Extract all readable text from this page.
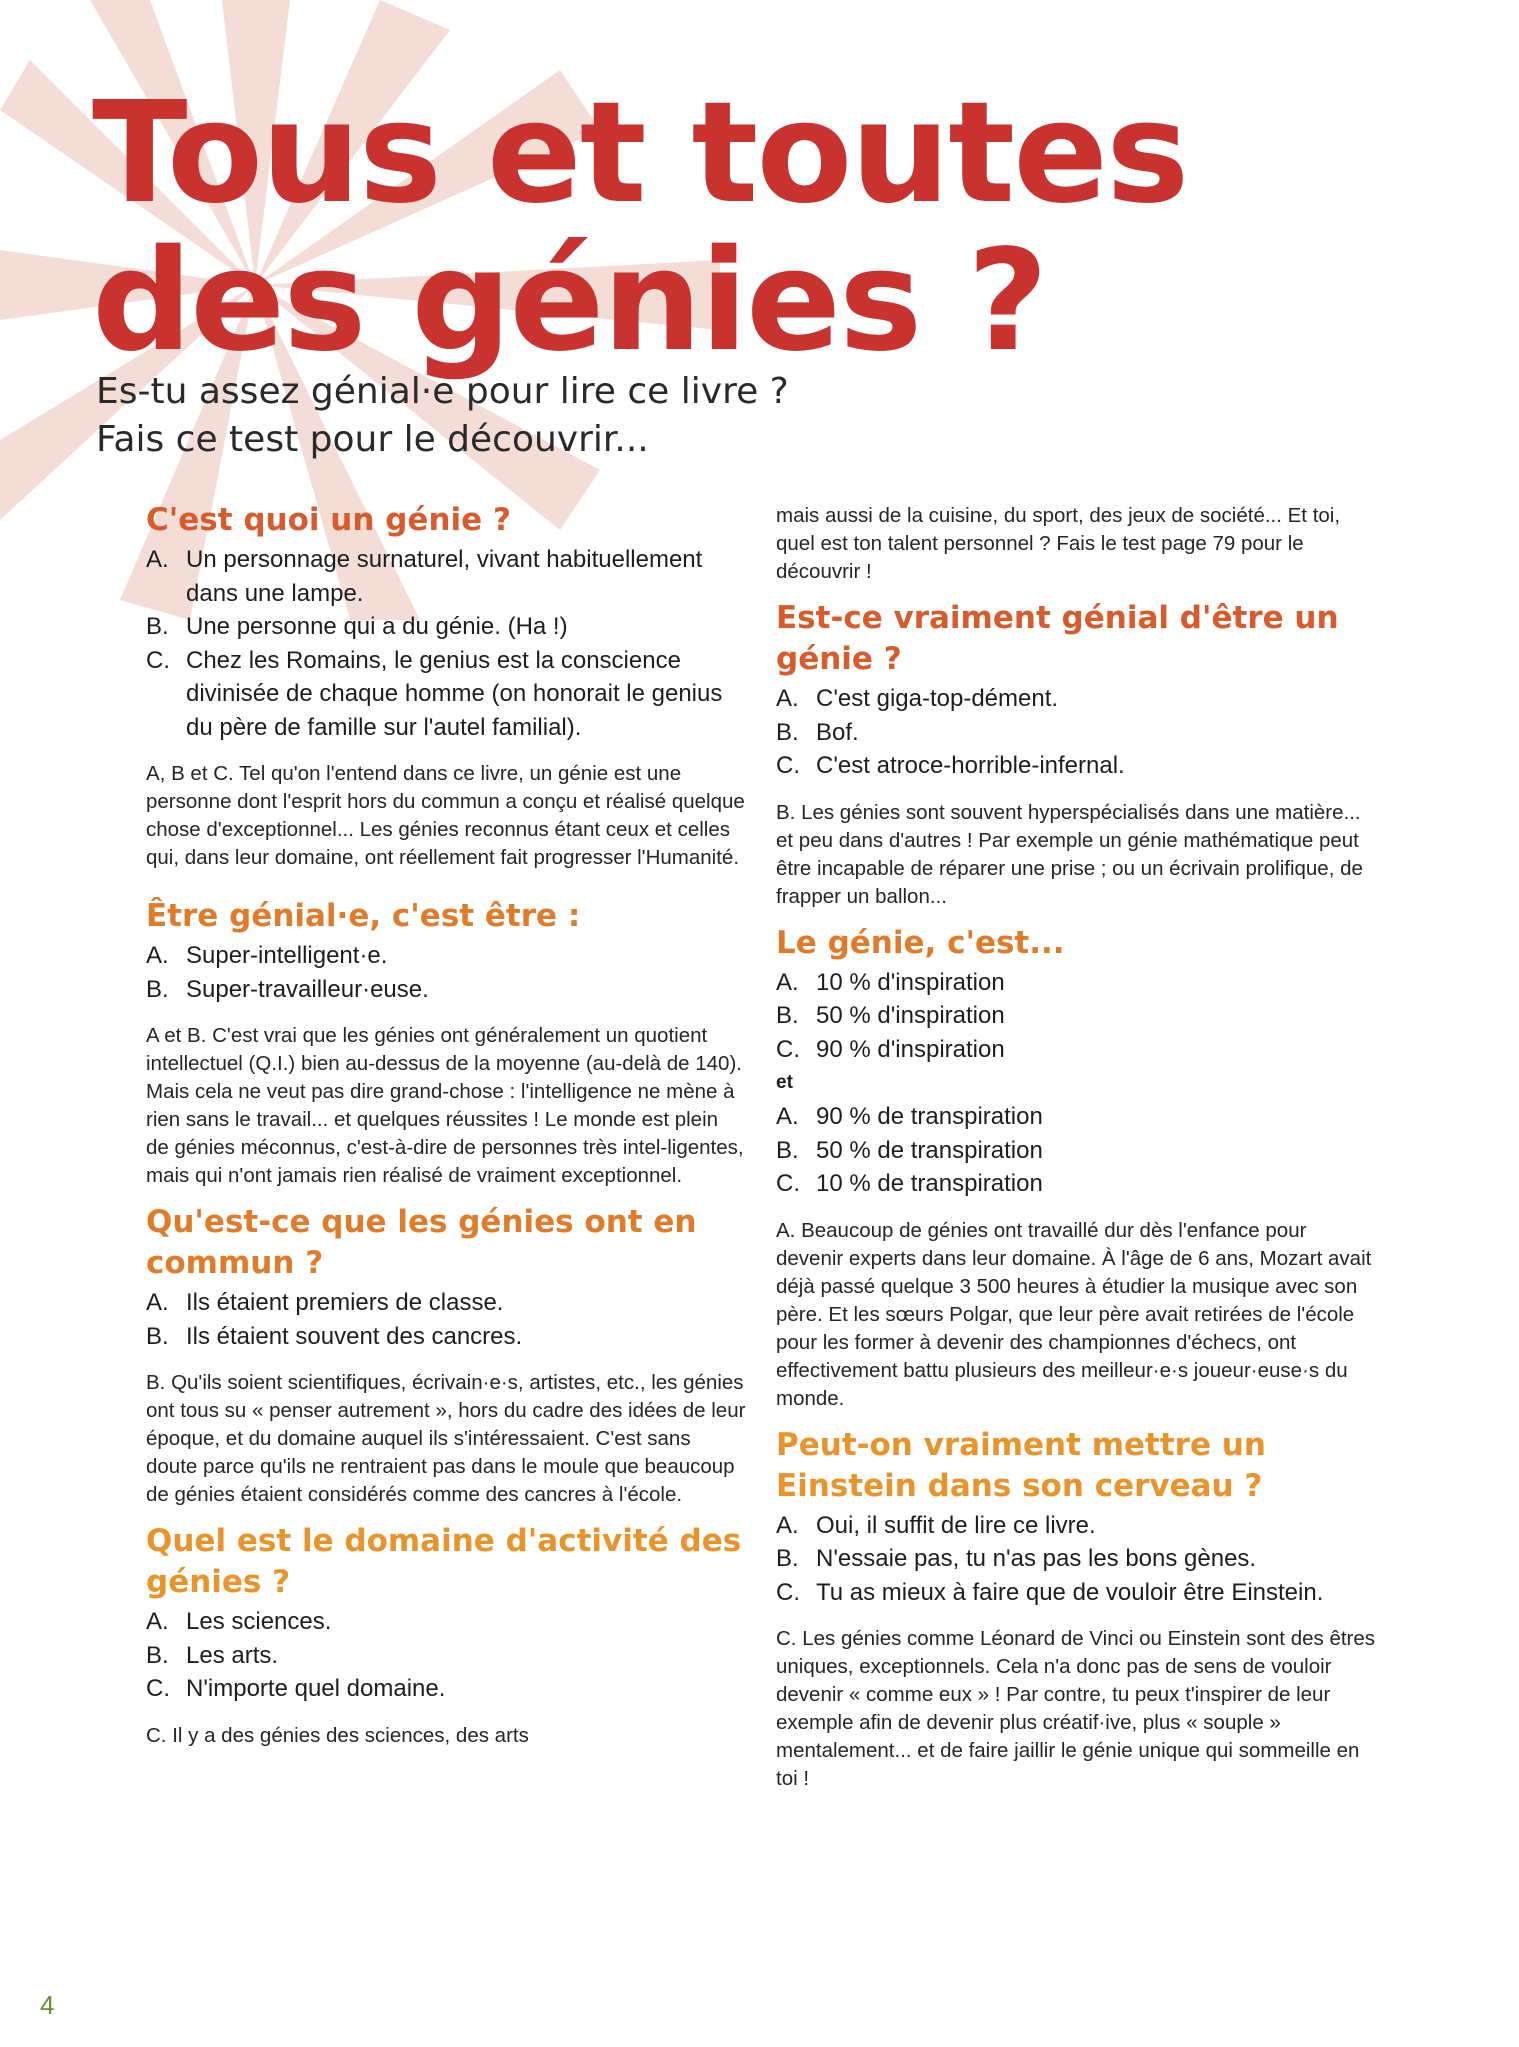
Tous et toutes
des génies ?
Es-tu assez génial·e pour lire ce livre ?
Fais ce test pour le découvrir...
C'est quoi un génie ?
A. Un personnage surnaturel, vivant habituellement dans une lampe.
B. Une personne qui a du génie. (Ha !)
C. Chez les Romains, le genius est la conscience divinisée de chaque homme (on honorait le genius du père de famille sur l'autel familial).

A, B et C. Tel qu'on l'entend dans ce livre, un génie est une personne dont l'esprit hors du commun a conçu et réalisé quelque chose d'exceptionnel... Les génies reconnus étant ceux et celles qui, dans leur domaine, ont réellement fait progresser l'Humanité.

Être génial·e, c'est être :
A. Super-intelligent·e.
B. Super-travailleur·euse.

A et B. C'est vrai que les génies ont généralement un quotient intellectuel (Q.I.) bien au-dessus de la moyenne (au-delà de 140). Mais cela ne veut pas dire grand-chose : l'intelligence ne mène à rien sans le travail... et quelques réussites ! Le monde est plein de génies méconnus, c'est-à-dire de personnes très intel-ligentes, mais qui n'ont jamais rien réalisé de vraiment exceptionnel.

Qu'est-ce que les génies ont en commun ?
A. Ils étaient premiers de classe.
B. Ils étaient souvent des cancres.

B. Qu'ils soient scientifiques, écrivain·e·s, artistes, etc., les génies ont tous su « penser autrement », hors du cadre des idées de leur époque, et du domaine auquel ils s'intéressaient. C'est sans doute parce qu'ils ne rentraient pas dans le moule que beaucoup de génies étaient considérés comme des cancres à l'école.

Quel est le domaine d'activité des génies ?
A. Les sciences.
B. Les arts.
C. N'importe quel domaine.

C. Il y a des génies des sciences, des arts

mais aussi de la cuisine, du sport, des jeux de société... Et toi, quel est ton talent personnel ? Fais le test page 79 pour le découvrir !

Est-ce vraiment génial d'être un génie ?
A. C'est giga-top-dément.
B. Bof.
C. C'est atroce-horrible-infernal.

B. Les génies sont souvent hyperspécialisés dans une matière... et peu dans d'autres ! Par exemple un génie mathématique peut être incapable de réparer une prise ; ou un écrivain prolifique, de frapper un ballon...

Le génie, c'est...
A. 10 % d'inspiration
B. 50 % d'inspiration
C. 90 % d'inspiration
et
A. 90 % de transpiration
B. 50 % de transpiration
C. 10 % de transpiration

A. Beaucoup de génies ont travaillé dur dès l'enfance pour devenir experts dans leur domaine. À l'âge de 6 ans, Mozart avait déjà passé quelque 3 500 heures à étudier la musique avec son père. Et les sœurs Polgar, que leur père avait retirées de l'école pour les former à devenir des championnes d'échecs, ont effectivement battu plusieurs des meilleur·e·s joueur·euse·s du monde.

Peut-on vraiment mettre un Einstein dans son cerveau ?
A. Oui, il suffit de lire ce livre.
B. N'essaie pas, tu n'as pas les bons gènes.
C. Tu as mieux à faire que de vouloir être Einstein.

C. Les génies comme Léonard de Vinci ou Einstein sont des êtres uniques, exceptionnels. Cela n'a donc pas de sens de vouloir devenir « comme eux » ! Par contre, tu peux t'inspirer de leur exemple afin de devenir plus créatif·ive, plus « souple » mentalement... et de faire jaillir le génie unique qui sommeille en toi !

4
